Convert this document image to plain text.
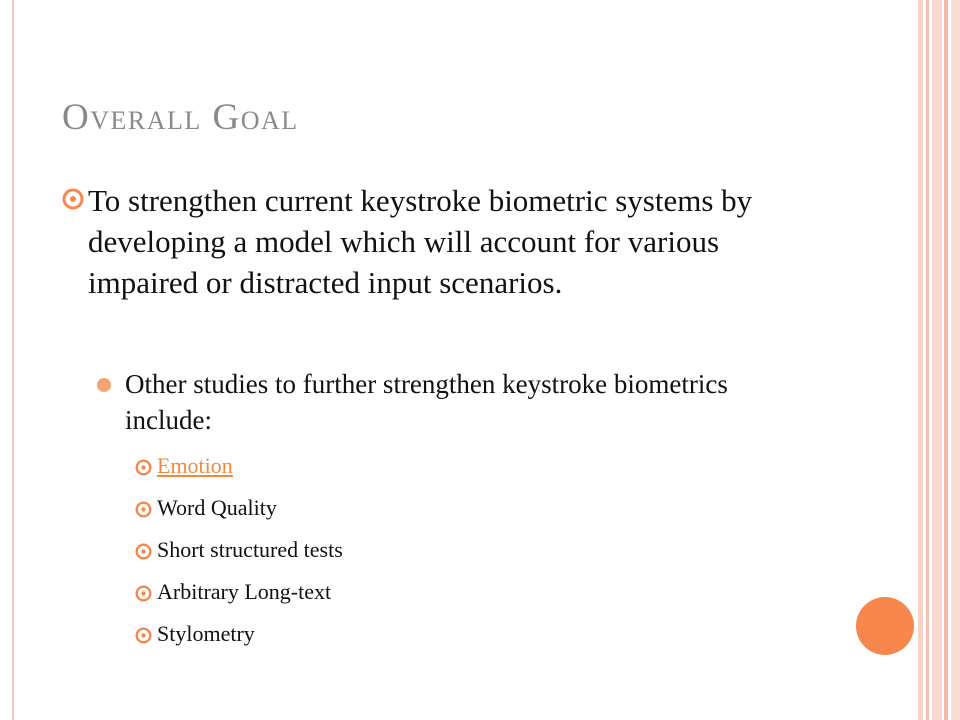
Overall Goal
To strengthen current keystroke biometric systems by developing a model which will account for various impaired or distracted input scenarios.
Other studies to further strengthen keystroke biometrics include:
Emotion
Word Quality
Short structured tests
Arbitrary Long-text
Stylometry
